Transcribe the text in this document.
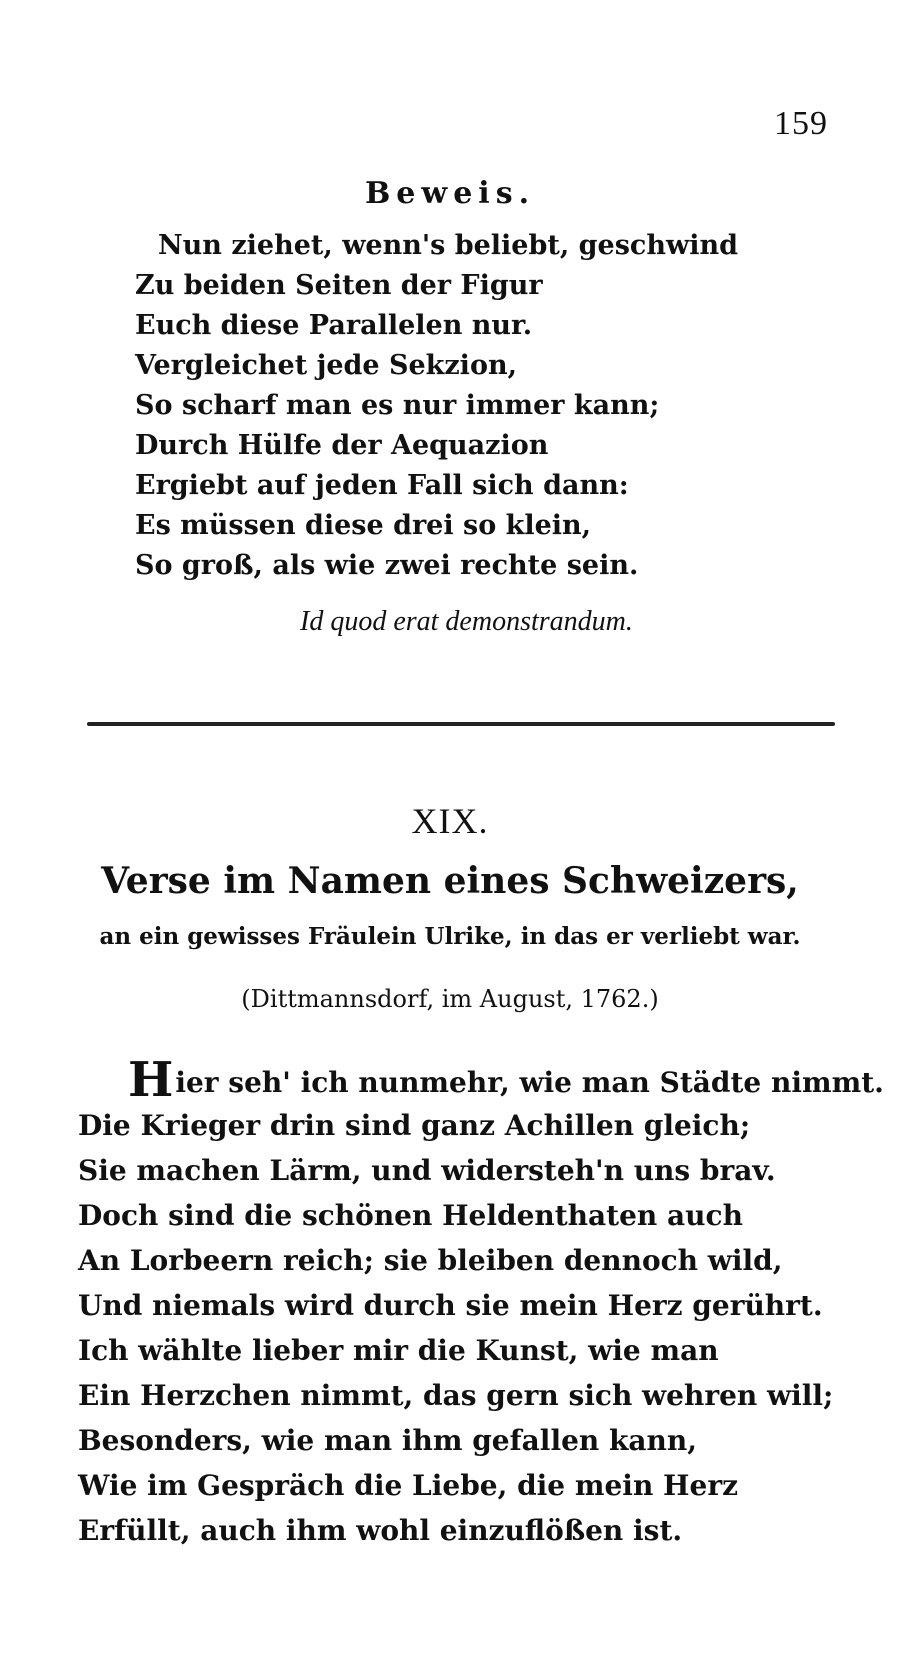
159
Beweis.
Nun ziehet, wenn's beliebt, geschwind
Zu beiden Seiten der Figur
Euch diese Parallelen nur.
Vergleichet jede Sekzion,
So scharf man es nur immer kann;
Durch Hülfe der Aequazion
Ergiebt auf jeden Fall sich dann:
Es müssen diese drei so klein,
So groß, als wie zwei rechte sein.
Id quod erat demonstrandum.
XIX.
Verse im Namen eines Schweizers,
an ein gewisses Fräulein Ulrike, in das er verliebt war.
(Dittmannsdorf, im August, 1762.)
Hier seh' ich nunmehr, wie man Städte nimmt.
Die Krieger drin sind ganz Achillen gleich;
Sie machen Lärm, und widersteh'n uns brav.
Doch sind die schönen Heldenthaten auch
An Lorbeern reich; sie bleiben dennoch wild,
Und niemals wird durch sie mein Herz gerührt.
Ich wählte lieber mir die Kunst, wie man
Ein Herzchen nimmt, das gern sich wehren will;
Besonders, wie man ihm gefallen kann,
Wie im Gespräch die Liebe, die mein Herz
Erfüllt, auch ihm wohl einzuflößen ist.
